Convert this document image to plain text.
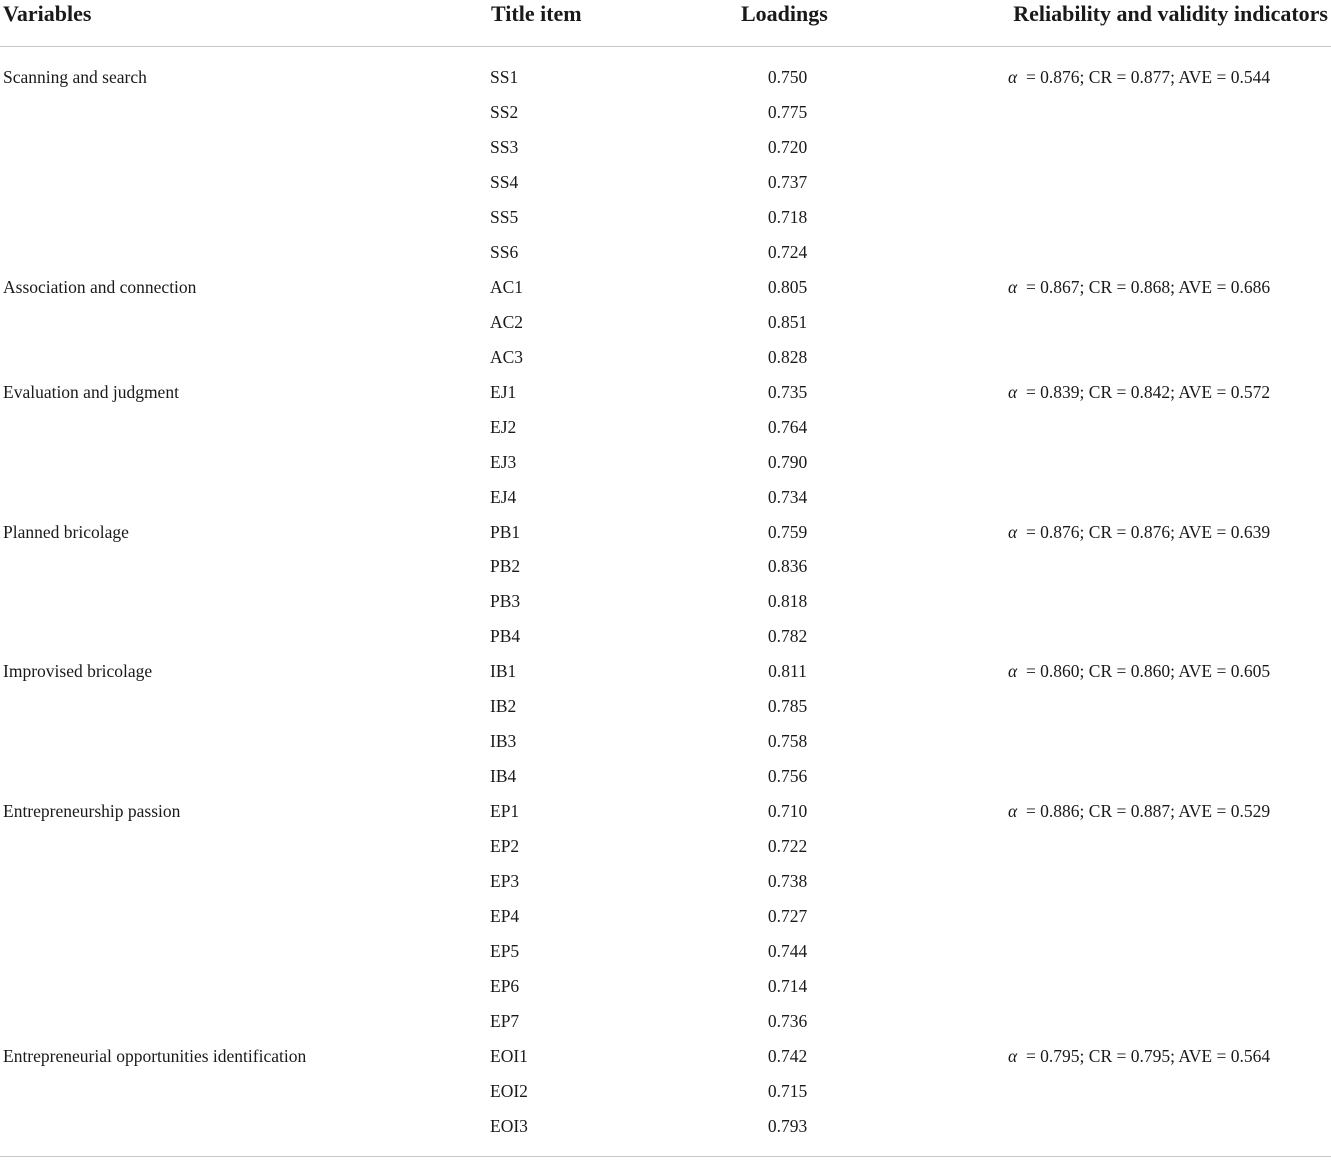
Variables	Title item	Loadings	Reliability and validity indicators
Scanning and search	SS1	0.750	α = 0.876; CR = 0.877; AVE = 0.544
SS2	0.775
SS3	0.720
SS4	0.737
SS5	0.718
SS6	0.724
Association and connection	AC1	0.805	α = 0.867; CR = 0.868; AVE = 0.686
AC2	0.851
AC3	0.828
Evaluation and judgment	EJ1	0.735	α = 0.839; CR = 0.842; AVE = 0.572
EJ2	0.764
EJ3	0.790
EJ4	0.734
Planned bricolage	PB1	0.759	α = 0.876; CR = 0.876; AVE = 0.639
PB2	0.836
PB3	0.818
PB4	0.782
Improvised bricolage	IB1	0.811	α = 0.860; CR = 0.860; AVE = 0.605
IB2	0.785
IB3	0.758
IB4	0.756
Entrepreneurship passion	EP1	0.710	α = 0.886; CR = 0.887; AVE = 0.529
EP2	0.722
EP3	0.738
EP4	0.727
EP5	0.744
EP6	0.714
EP7	0.736
Entrepreneurial opportunities identification	EOI1	0.742	α = 0.795; CR = 0.795; AVE = 0.564
EOI2	0.715
EOI3	0.793
